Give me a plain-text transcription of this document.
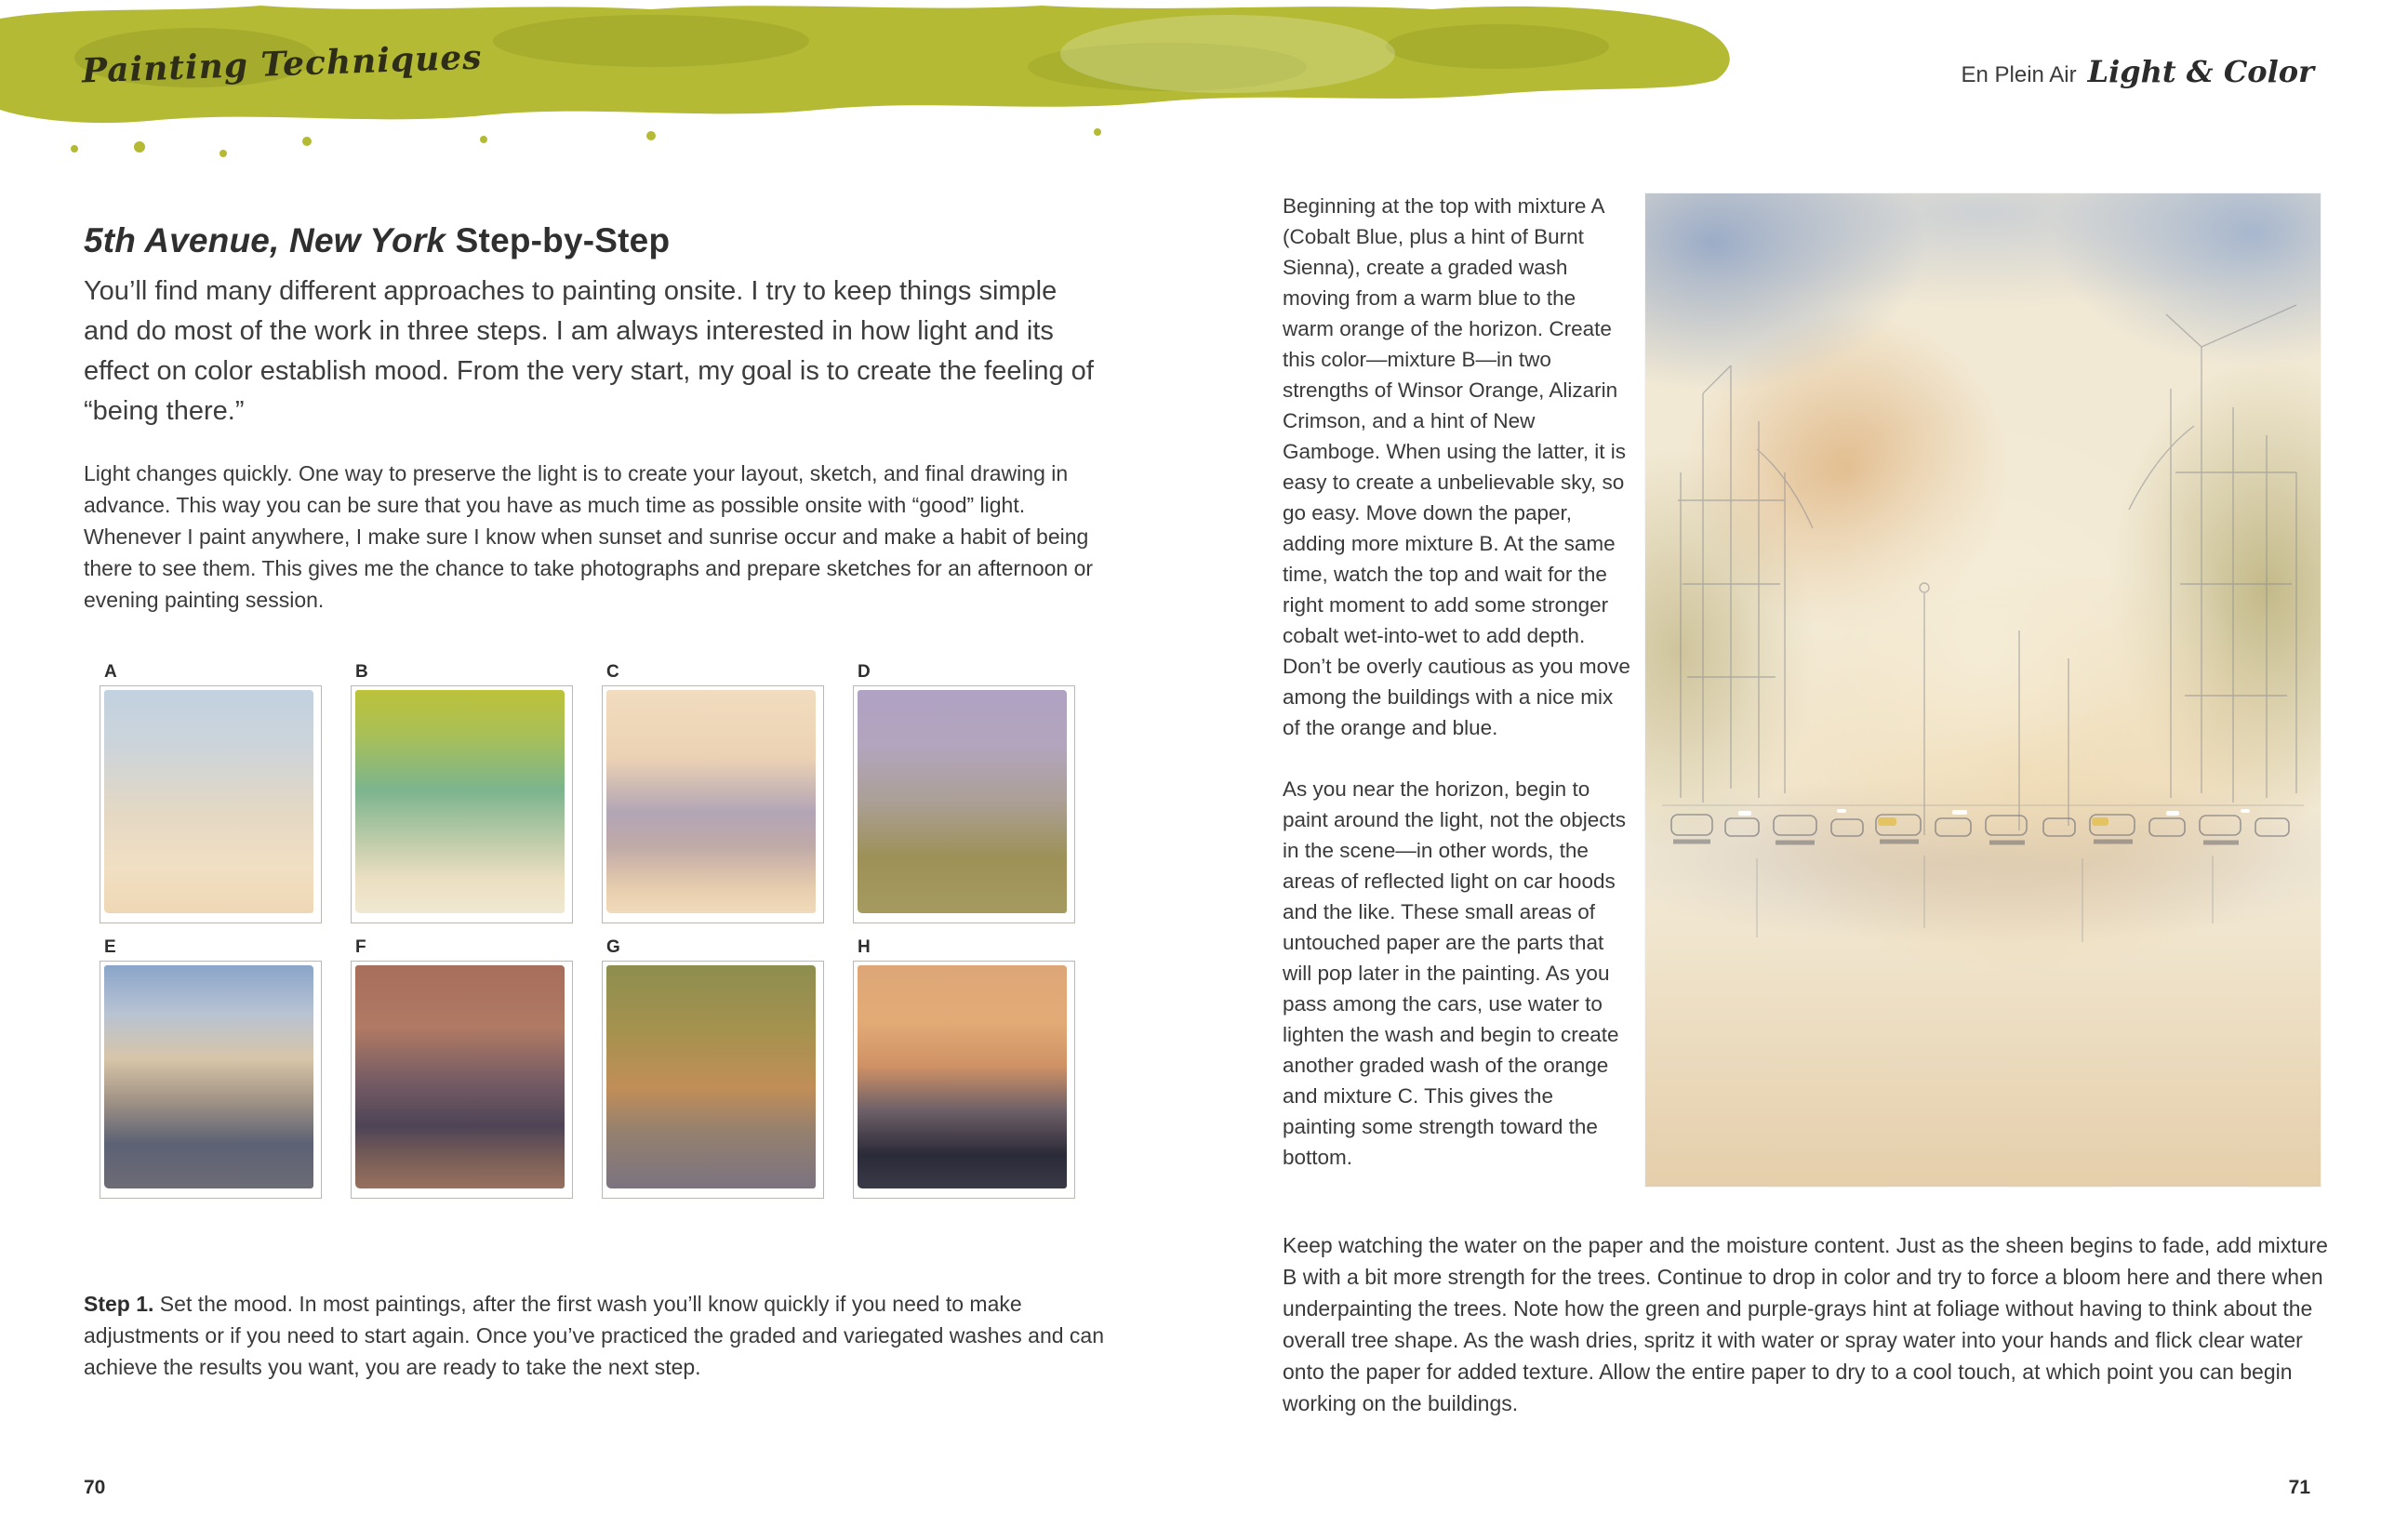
Painting Techniques	En Plein Air Light & Color
5th Avenue, New York Step-by-Step

You’ll find many different approaches to painting onsite. I try to keep things simple and do most of the work in three steps. I am always interested in how light and its effect on color establish mood. From the very start, my goal is to create the feeling of “being there.”

Light changes quickly. One way to preserve the light is to create your layout, sketch, and final drawing in advance. This way you can be sure that you have as much time as possible onsite with “good” light. Whenever I paint anywhere, I make sure I know when sunset and sunrise occur and make a habit of being there to see them. This gives me the chance to take photographs and prepare sketches for an afternoon or evening painting session.

A	B	C	D
E	F	G	H

Step 1. Set the mood. In most paintings, after the first wash you’ll know quickly if you need to make adjustments or if you need to start again. Once you’ve practiced the graded and variegated washes and can achieve the results you want, you are ready to take the next step.

70

Beginning at the top with mixture A (Cobalt Blue, plus a hint of Burnt Sienna), create a graded wash moving from a warm blue to the warm orange of the horizon. Create this color—mixture B—in two strengths of Winsor Orange, Alizarin Crimson, and a hint of New Gamboge. When using the latter, it is easy to create a unbelievable sky, so go easy. Move down the paper, adding more mixture B. At the same time, watch the top and wait for the right moment to add some stronger cobalt wet-into-wet to add depth. Don’t be overly cautious as you move among the buildings with a nice mix of the orange and blue.

As you near the horizon, begin to paint around the light, not the objects in the scene—in other words, the areas of reflected light on car hoods and the like. These small areas of untouched paper are the parts that will pop later in the painting. As you pass among the cars, use water to lighten the wash and begin to create another graded wash of the orange and mixture C. This gives the painting some strength toward the bottom.

Keep watching the water on the paper and the moisture content. Just as the sheen begins to fade, add mixture B with a bit more strength for the trees. Continue to drop in color and try to force a bloom here and there when underpainting the trees. Note how the green and purple-grays hint at foliage without having to think about the overall tree shape. As the wash dries, spritz it with water or spray water into your hands and flick clear water onto the paper for added texture. Allow the entire paper to dry to a cool touch, at which point you can begin working on the buildings.

71
